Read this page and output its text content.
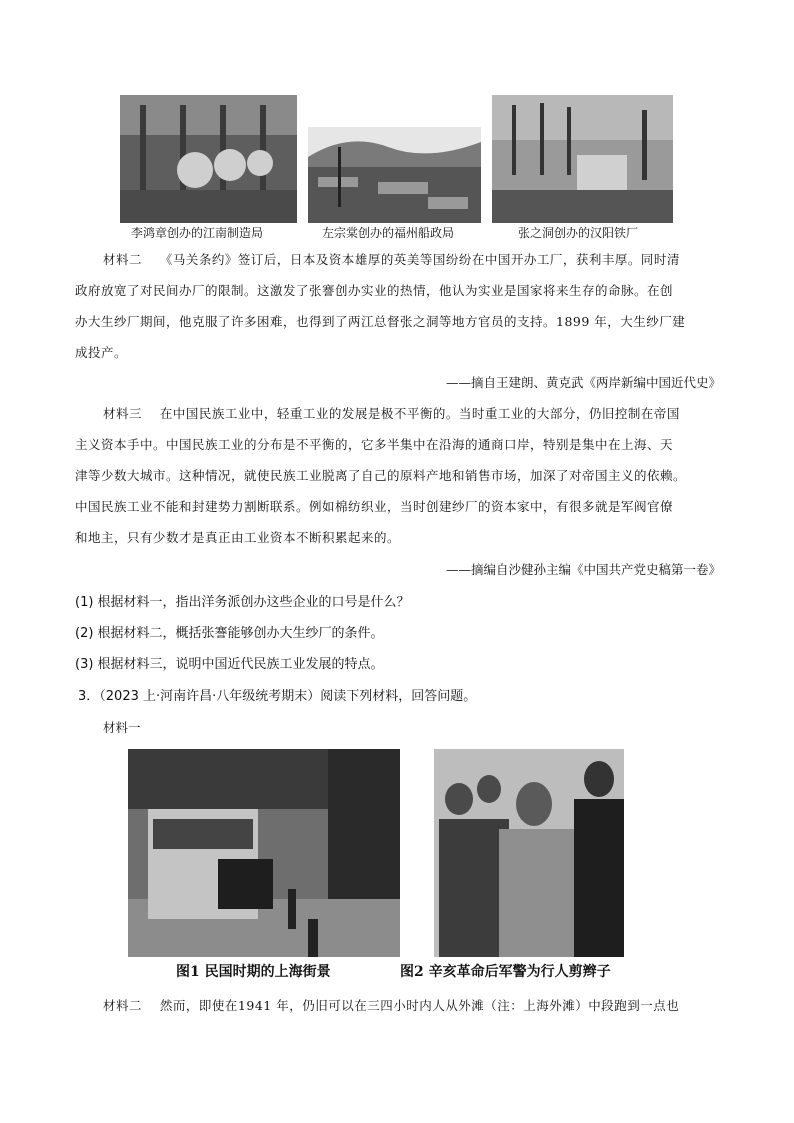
李鸿章创办的江南制造局	左宗棠创办的福州船政局	张之洞创办的汉阳铁厂
材料二 《马关条约》签订后，日本及资本雄厚的英美等国纷纷在中国开办工厂，获利丰厚。同时清
政府放宽了对民间办厂的限制。这激发了张謇创办实业的热情，他认为实业是国家将来生存的命脉。在创
办大生纱厂期间，他克服了许多困难，也得到了两江总督张之洞等地方官员的支持。1899 年，大生纱厂建
成投产。
——摘自王建朗、黄克武《两岸新编中国近代史》
材料三 在中国民族工业中，轻重工业的发展是极不平衡的。当时重工业的大部分，仍旧控制在帝国
主义资本手中。中国民族工业的分布是不平衡的，它多半集中在沿海的通商口岸，特别是集中在上海、天
津等少数大城市。这种情况，就使民族工业脱离了自己的原料产地和销售市场，加深了对帝国主义的依赖。
中国民族工业不能和封建势力割断联系。例如棉纺织业，当时创建纱厂的资本家中，有很多就是军阀官僚
和地主，只有少数才是真正由工业资本不断积累起来的。
——摘编自沙健孙主编《中国共产党史稿第一卷》
(1) 根据材料一，指出洋务派创办这些企业的口号是什么？
(2) 根据材料二，概括张謇能够创办大生纱厂的条件。
(3) 根据材料三，说明中国近代民族工业发展的特点。
3．（2023 上·河南许昌·八年级统考期末）阅读下列材料，回答问题。
材料一
图1 民国时期的上海街景	图2 辛亥革命后军警为行人剪辫子
材料二 然而，即使在1941 年，仍旧可以在三四小时内人从外滩（注：上海外滩）中段跑到一点也
